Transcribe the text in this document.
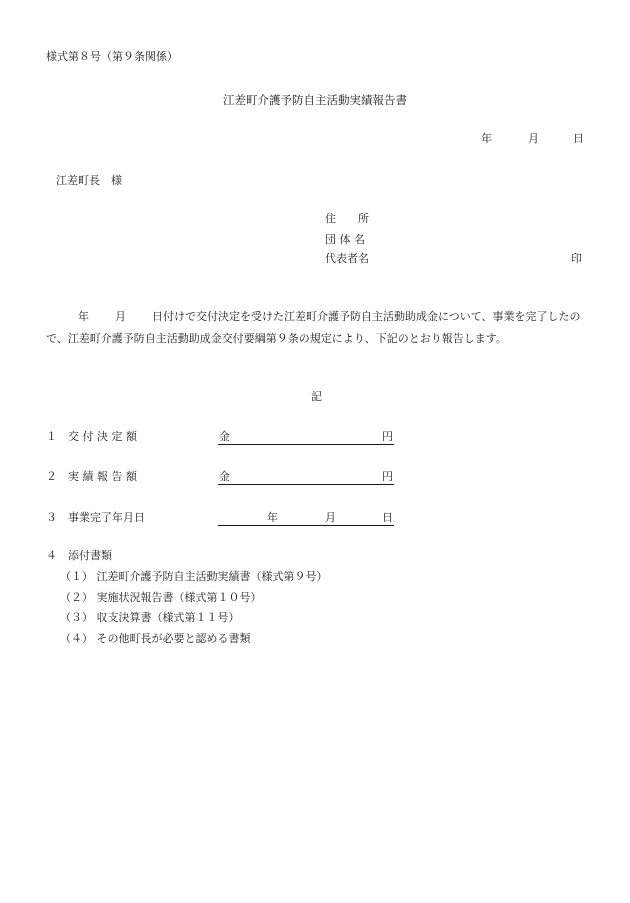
様式第８号（第９条関係）
江差町介護予防自主活動実績報告書
年	月	日
江差町長　様
住　　所
団 体 名
代表者名	印
年 月 日付けで交付決定を受けた江差町介護予防自主活動助成金について、事業を完了したので、江差町介護予防自主活動助成金交付要綱第９条の規定により、下記のとおり報告します。
記
１ 交 付 決 定 額	金	円
２ 実 績 報 告 額	金	円
３ 事業完了年月日	年	月	日
４ 添付書類
（１） 江差町介護予防自主活動実績書（様式第９号）
（２） 実施状況報告書（様式第１０号）
（３） 収支決算書（様式第１１号）
（４） その他町長が必要と認める書類
